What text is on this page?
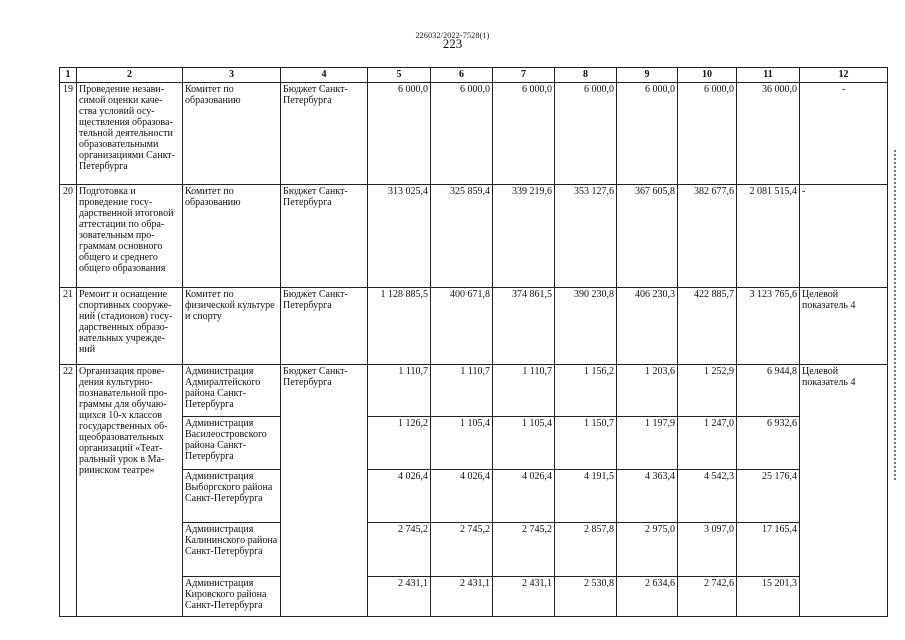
226032/2022-7528(1)
223
1	2	3	4	5	6	7	8	9	10	11	12
19	Проведение незави-симой оценки каче-ства условий осу-ществления образова-тельной деятельности образовательными организациями Санкт-Петербурга	Комитет по образованию	Бюджет Санкт-Петербурга	6 000,0	6 000,0	6 000,0	6 000,0	6 000,0	6 000,0	36 000,0	-
20	Подготовка и проведение госу-дарственной итоговой аттестации по обра-зовательным про-граммам основного общего и среднего общего образования	Комитет по образованию	Бюджет Санкт-Петербурга	313 025,4	325 859,4	339 219,6	353 127,6	367 605,8	382 677,6	2 081 515,4	-
21	Ремонт и оснащение спортивных сооруже-ний (стадионов) госу-дарственных образо-вательных учрежде-ний	Комитет по физической культуре и спорту	Бюджет Санкт-Петербурга	1 128 885,5	400 671,8	374 861,5	390 230,8	406 230,3	422 885,7	3 123 765,6	Целевой показатель 4
22	Организация прове-дения культурно-познавательной про-граммы для обучаю-щихся 10-х классов государственных об-щеобразовательных организаций «Теат-ральный урок в Ма-риинском театре»	Администрация Адмиралтейского района Санкт-Петербурга	Бюджет Санкт-Петербурга	1 110,7	1 110,7	1 110,7	1 156,2	1 203,6	1 252,9	6 944,8	Целевой показатель 4
		Администрация Василеостровского района Санкт-Петербурга		1 126,2	1 105,4	1 105,4	1 150,7	1 197,9	1 247,0	6 932,6	
		Администрация Выборгского района Санкт-Петербурга		4 026,4	4 026,4	4 026,4	4 191,5	4 363,4	4 542,3	25 176,4	
		Администрация Калининского района Санкт-Петербурга		2 745,2	2 745,2	2 745,2	2 857,8	2 975,0	3 097,0	17 165,4	
		Администрация Кировского района Санкт-Петербурга		2 431,1	2 431,1	2 431,1	2 530,8	2 634,6	2 742,6	15 201,3	
